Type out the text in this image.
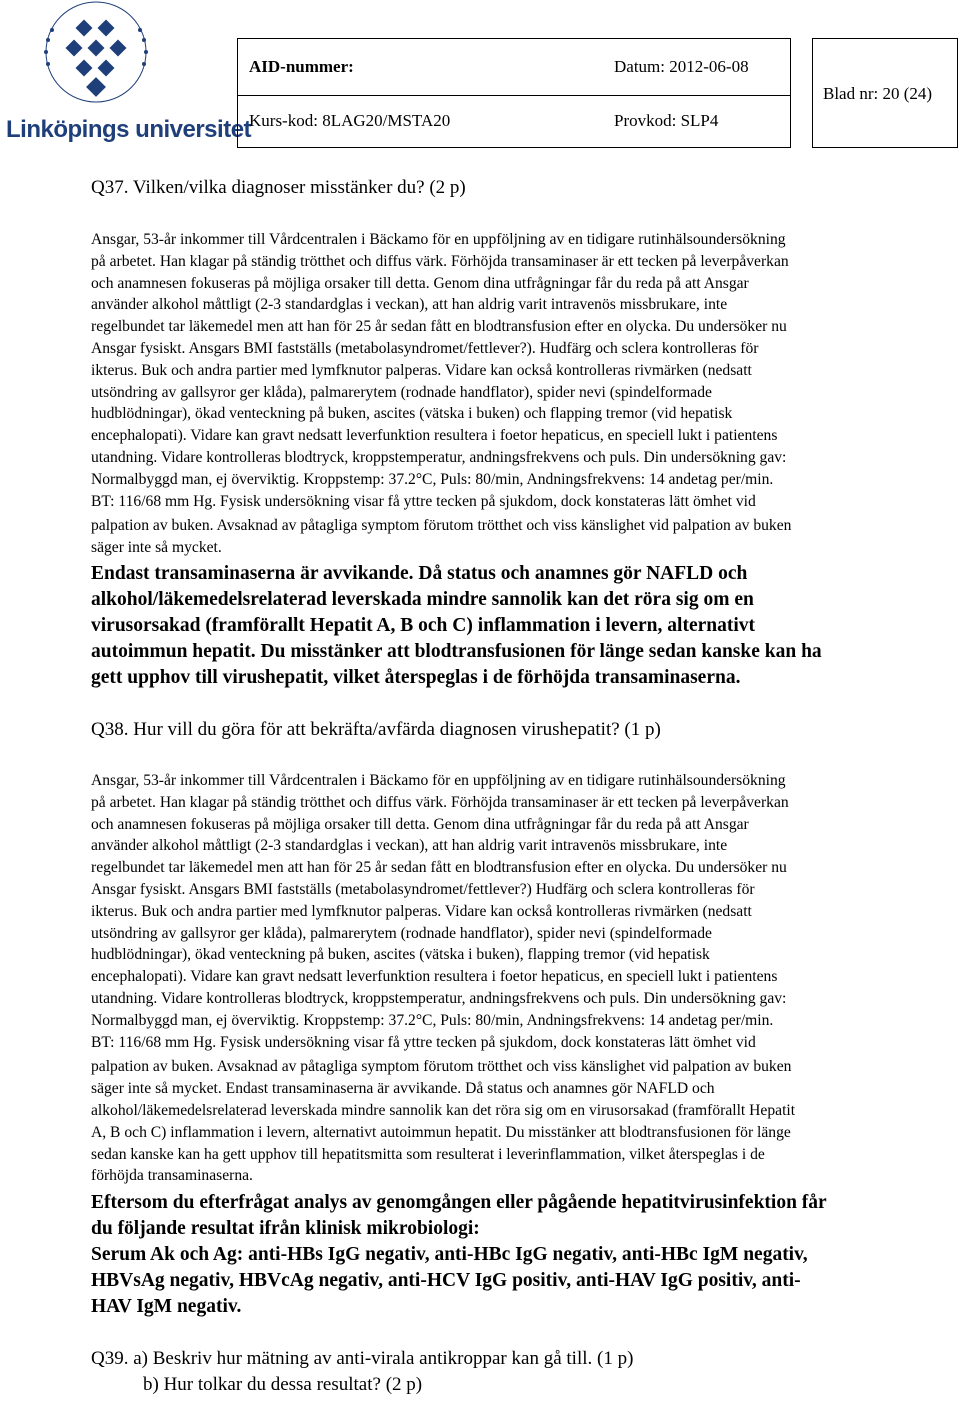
Linköpings universitet
AID-nummer:	Datum: 2012-06-08
Kurs-kod: 8LAG20/MSTA20	Provkod: SLP4
Blad nr: 20 (24)
Q37. Vilken/vilka diagnoser misstänker du? (2 p)

Ansgar, 53-år inkommer till Vårdcentralen i Bäckamo för en uppföljning av en tidigare rutinhälsoundersökning

på arbetet. Han klagar på ständig trötthet och diffus värk. Förhöjda transaminaser är ett tecken på leverpåverkan

och anamnesen fokuseras på möjliga orsaker till detta. Genom dina utfrågningar får du reda på att Ansgar

använder alkohol måttligt (2-3 standardglas i veckan), att han aldrig varit intravenös missbrukare, inte

regelbundet tar läkemedel men att han för 25 år sedan fått en blodtransfusion efter en olycka. Du undersöker nu

Ansgar fysiskt. Ansgars BMI fastställs (metabolasyndromet/fettlever?). Hudfärg och sclera kontrolleras för

ikterus. Buk och andra partier med lymfknutor palperas. Vidare kan också kontrolleras rivmärken (nedsatt

utsöndring av gallsyror ger klåda), palmarerytem (rodnade handflator), spider nevi (spindelformade

hudblödningar), ökad venteckning på buken, ascites (vätska i buken) och flapping tremor (vid hepatisk

encephalopati). Vidare kan gravt nedsatt leverfunktion resultera i foetor hepaticus, en speciell lukt i patientens

utandning. Vidare kontrolleras blodtryck, kroppstemperatur, andningsfrekvens och puls. Din undersökning gav:

Normalbyggd man, ej överviktig. Kroppstemp: 37.2°C, Puls: 80/min, Andningsfrekvens: 14 andetag per/min.

BT: 116/68 mm Hg. Fysisk undersökning visar få yttre tecken på sjukdom, dock konstateras lätt ömhet vid

palpation av buken. Avsaknad av påtagliga symptom förutom trötthet och viss känslighet vid palpation av buken

säger inte så mycket.

Endast transaminaserna är avvikande. Då status och anamnes gör NAFLD och

alkohol/läkemedelsrelaterad leverskada mindre sannolik kan det röra sig om en

virusorsakad (framförallt Hepatit A, B och C) inflammation i levern, alternativt

autoimmun hepatit. Du misstänker att blodtransfusionen för länge sedan kanske kan ha

gett upphov till virushepatit, vilket återspeglas i de förhöjda transaminaserna.

Q38. Hur vill du göra för att bekräfta/avfärda diagnosen virushepatit? (1 p)

Ansgar, 53-år inkommer till Vårdcentralen i Bäckamo för en uppföljning av en tidigare rutinhälsoundersökning

på arbetet. Han klagar på ständig trötthet och diffus värk. Förhöjda transaminaser är ett tecken på leverpåverkan

och anamnesen fokuseras på möjliga orsaker till detta. Genom dina utfrågningar får du reda på att Ansgar

använder alkohol måttligt (2-3 standardglas i veckan), att han aldrig varit intravenös missbrukare, inte

regelbundet tar läkemedel men att han för 25 år sedan fått en blodtransfusion efter en olycka. Du undersöker nu

Ansgar fysiskt. Ansgars BMI fastställs (metabolasyndromet/fettlever?) Hudfärg och sclera kontrolleras för

ikterus. Buk och andra partier med lymfknutor palperas. Vidare kan också kontrolleras rivmärken (nedsatt

utsöndring av gallsyror ger klåda), palmarerytem (rodnade handflator), spider nevi (spindelformade

hudblödningar), ökad venteckning på buken, ascites (vätska i buken), flapping tremor (vid hepatisk

encephalopati). Vidare kan gravt nedsatt leverfunktion resultera i foetor hepaticus, en speciell lukt i patientens

utandning. Vidare kontrolleras blodtryck, kroppstemperatur, andningsfrekvens och puls. Din undersökning gav:

Normalbyggd man, ej överviktig. Kroppstemp: 37.2°C, Puls: 80/min, Andningsfrekvens: 14 andetag per/min.

BT: 116/68 mm Hg. Fysisk undersökning visar få yttre tecken på sjukdom, dock konstateras lätt ömhet vid

palpation av buken. Avsaknad av påtagliga symptom förutom trötthet och viss känslighet vid palpation av buken

säger inte så mycket. Endast transaminaserna är avvikande. Då status och anamnes gör NAFLD och

alkohol/läkemedelsrelaterad leverskada mindre sannolik kan det röra sig om en virusorsakad (framförallt Hepatit

A, B och C) inflammation i levern, alternativt autoimmun hepatit. Du misstänker att blodtransfusionen för länge

sedan kanske kan ha gett upphov till hepatitsmitta som resulterat i leverinflammation, vilket återspeglas i de

förhöjda transaminaserna.

Eftersom du efterfrågat analys av genomgången eller pågående hepatitvirusinfektion får

du följande resultat ifrån klinisk mikrobiologi:

Serum Ak och Ag: anti-HBs IgG negativ, anti-HBc IgG negativ, anti-HBc IgM negativ,

HBVsAg negativ, HBVcAg negativ, anti-HCV IgG positiv, anti-HAV IgG positiv, anti-

HAV IgM negativ.

Q39. a) Beskriv hur mätning av anti-virala antikroppar kan gå till. (1 p)
b) Hur tolkar du dessa resultat? (2 p)
